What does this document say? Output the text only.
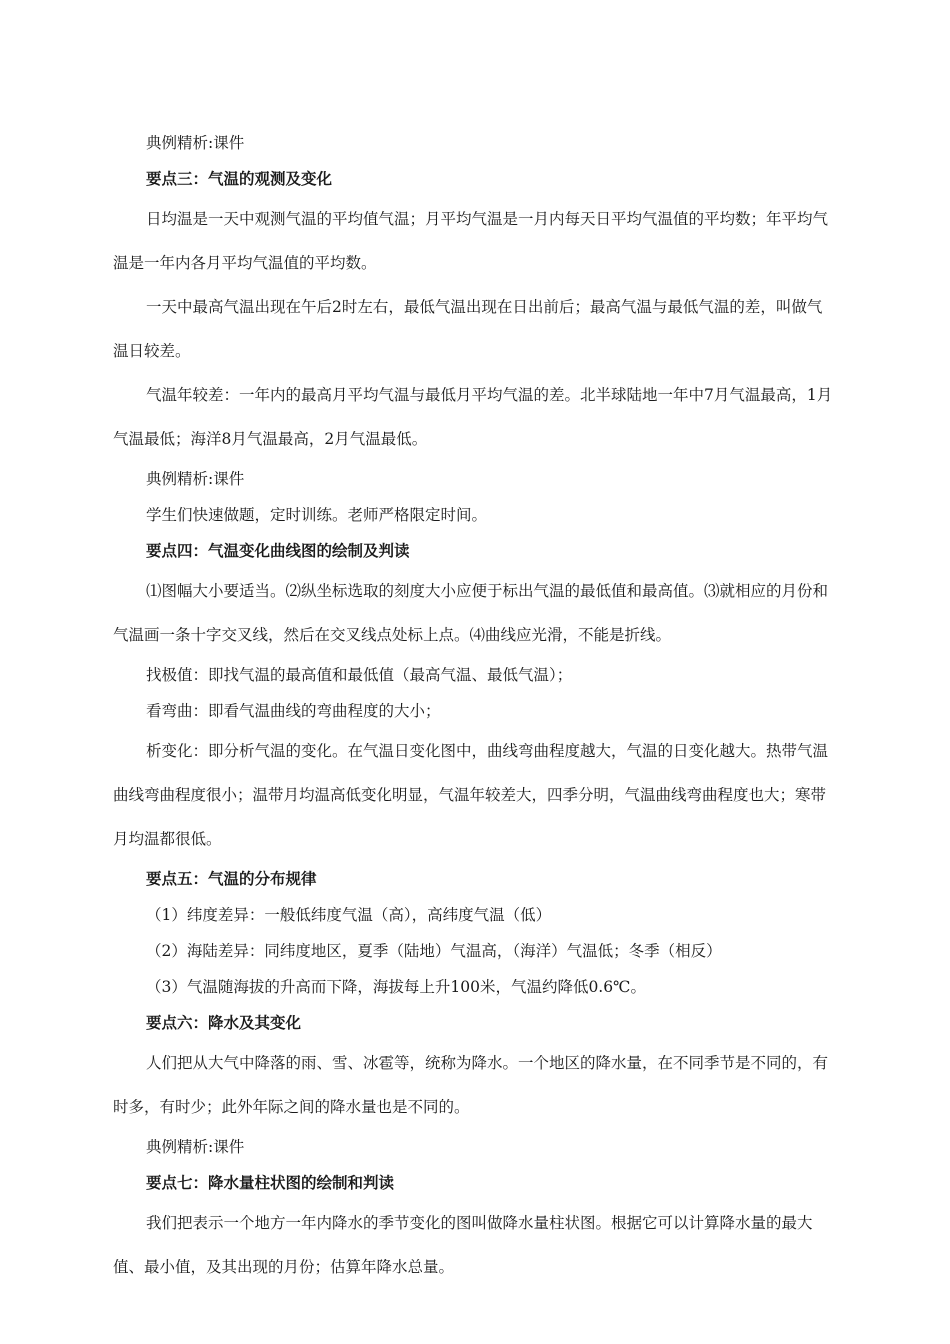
典例精析:课件

要点三：气温的观测及变化

日均温是一天中观测气温的平均值气温；月平均气温是一月内每天日平均气温值的平均数；年平均气温是一年内各月平均气温值的平均数。

一天中最高气温出现在午后2时左右，最低气温出现在日出前后；最高气温与最低气温的差，叫做气温日较差。

气温年较差：一年内的最高月平均气温与最低月平均气温的差。北半球陆地一年中7月气温最高，1月气温最低；海洋8月气温最高，2月气温最低。

典例精析:课件

学生们快速做题，定时训练。老师严格限定时间。

要点四：气温变化曲线图的绘制及判读

⑴图幅大小要适当。⑵纵坐标选取的刻度大小应便于标出气温的最低值和最高值。⑶就相应的月份和气温画一条十字交叉线，然后在交叉线点处标上点。⑷曲线应光滑，不能是折线。

找极值：即找气温的最高值和最低值（最高气温、最低气温）；

看弯曲：即看气温曲线的弯曲程度的大小；

析变化：即分析气温的变化。在气温日变化图中，曲线弯曲程度越大，气温的日变化越大。热带气温曲线弯曲程度很小；温带月均温高低变化明显，气温年较差大，四季分明，气温曲线弯曲程度也大；寒带月均温都很低。

要点五：气温的分布规律

（1）纬度差异：一般低纬度气温（高），高纬度气温（低）

（2）海陆差异：同纬度地区，夏季（陆地）气温高，（海洋）气温低；冬季（相反）

（3）气温随海拔的升高而下降，海拔每上升100米，气温约降低0.6℃。

要点六：降水及其变化

人们把从大气中降落的雨、雪、冰雹等，统称为降水。一个地区的降水量，在不同季节是不同的，有时多，有时少；此外年际之间的降水量也是不同的。

典例精析:课件

要点七：降水量柱状图的绘制和判读

我们把表示一个地方一年内降水的季节变化的图叫做降水量柱状图。根据它可以计算降水量的最大值、最小值，及其出现的月份；估算年降水总量。
